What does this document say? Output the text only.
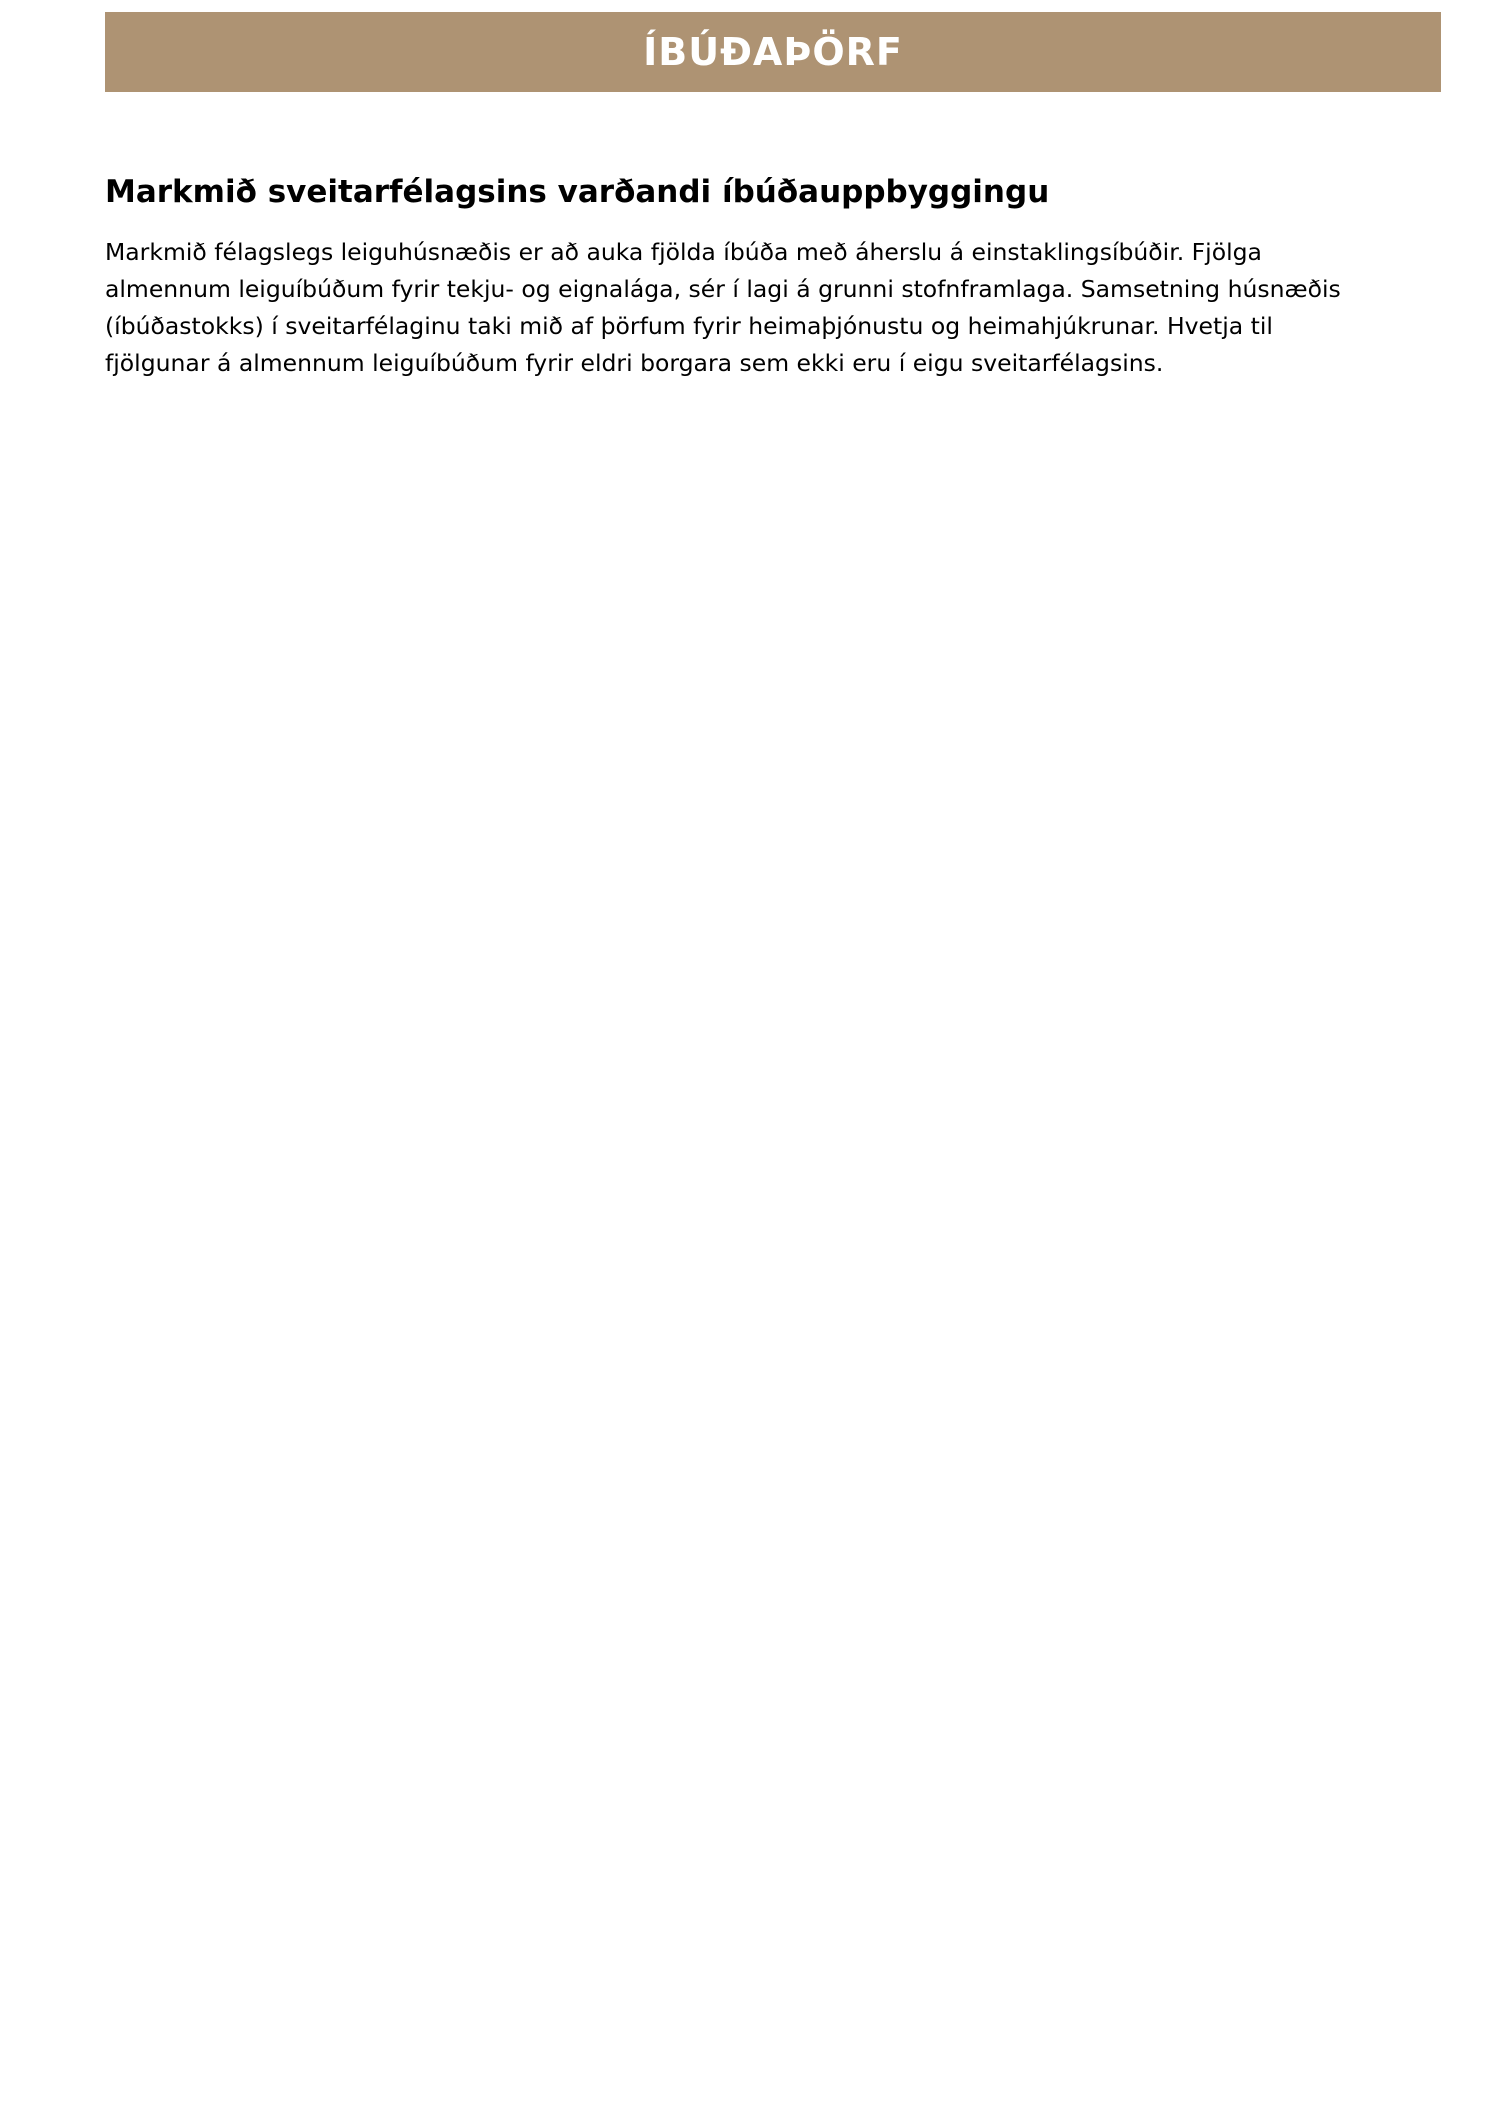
ÍBÚÐAÞÖRF
Markmið sveitarfélagsins varðandi íbúðauppbyggingu

Markmið félagslegs leiguhúsnæðis er að auka fjölda íbúða með áherslu á einstaklingsíbúðir. Fjölga
almennum leiguíbúðum fyrir tekju- og eignalága, sér í lagi á grunni stofnframlaga. Samsetning húsnæðis
(íbúðastokks) í sveitarfélaginu taki mið af þörfum fyrir heimaþjónustu og heimahjúkrunar. Hvetja til
fjölgunar á almennum leiguíbúðum fyrir eldri borgara sem ekki eru í eigu sveitarfélagsins.
